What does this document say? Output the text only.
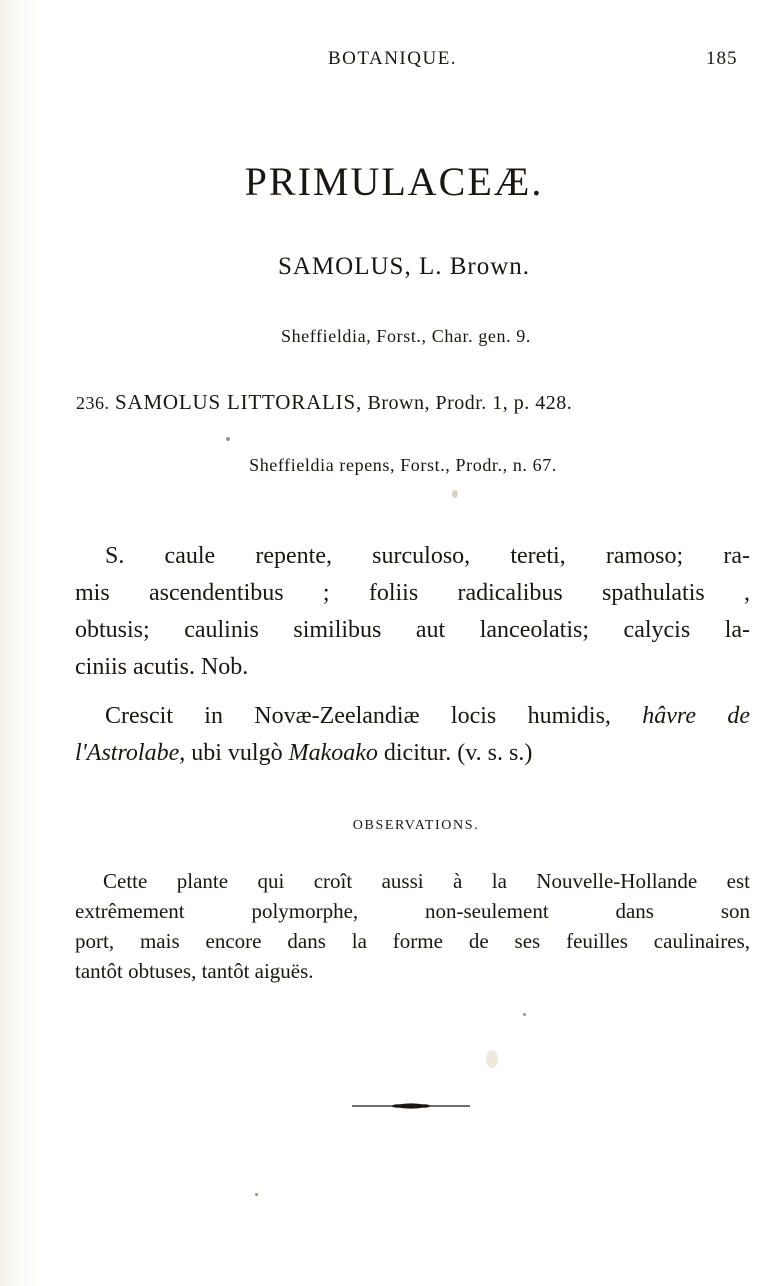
BOTANIQUE.	185
PRIMULACEÆ.
SAMOLUS, L. Brown.
Sheffieldia, Forst., Char. gen. 9.
236. SAMOLUS LITTORALIS, Brown, Prodr. 1, p. 428.
Sheffieldia repens, Forst., Prodr., n. 67.
S. caule repente, surculoso, tereti, ramoso; ra-
mis ascendentibus ; foliis radicalibus spathulatis ,
obtusis; caulinis similibus aut lanceolatis; calycis la-
ciniis acutis. Nob.
Crescit in Novæ-Zeelandiæ locis humidis, hâvre de
l'Astrolabe, ubi vulgò Makoako dicitur. (v. s. s.)
OBSERVATIONS.
Cette plante qui croît aussi à la Nouvelle-Hollande est
extrêmement polymorphe, non-seulement dans son
port, mais encore dans la forme de ses feuilles caulinaires,
tantôt obtuses, tantôt aiguës.
